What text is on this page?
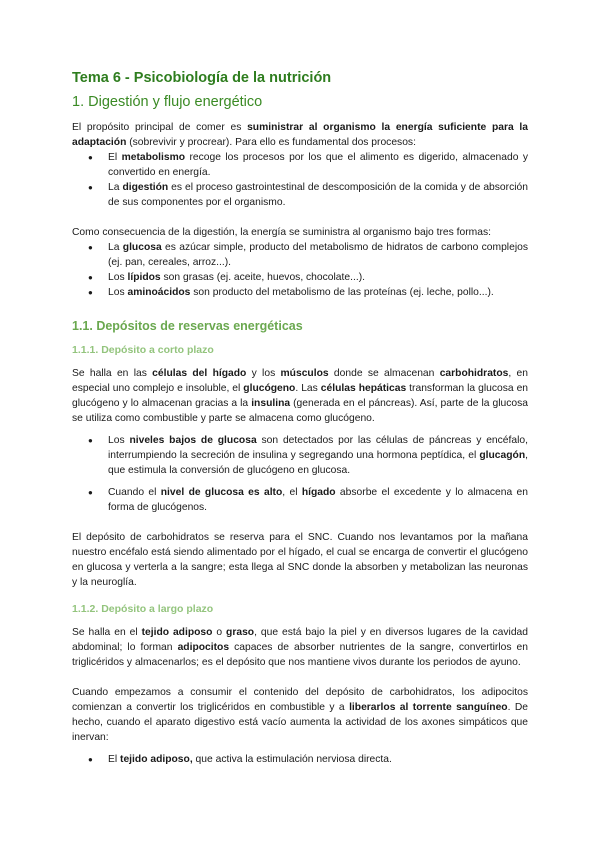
Tema 6 - Psicobiología de la nutrición
1. Digestión y flujo energético

El propósito principal de comer es suministrar al organismo la energía suficiente para la adaptación (sobrevivir y procrear). Para ello es fundamental dos procesos:

● El metabolismo recoge los procesos por los que el alimento es digerido, almacenado y convertido en energía.
● La digestión es el proceso gastrointestinal de descomposición de la comida y de absorción de sus componentes por el organismo.

Como consecuencia de la digestión, la energía se suministra al organismo bajo tres formas:

● La glucosa es azúcar simple, producto del metabolismo de hidratos de carbono complejos (ej. pan, cereales, arroz...).
● Los lípidos son grasas (ej. aceite, huevos, chocolate...).
● Los aminoácidos son producto del metabolismo de las proteínas (ej. leche, pollo...).
1.1. Depósitos de reservas energéticas
1.1.1. Depósito a corto plazo

Se halla en las células del hígado y los músculos donde se almacenan carbohidratos, en especial uno complejo e insoluble, el glucógeno. Las células hepáticas transforman la glucosa en glucógeno y lo almacenan gracias a la insulina (generada en el páncreas). Así, parte de la glucosa se utiliza como combustible y parte se almacena como glucógeno.

● Los niveles bajos de glucosa son detectados por las células de páncreas y encéfalo, interrumpiendo la secreción de insulina y segregando una hormona peptídica, el glucagón, que estimula la conversión de glucógeno en glucosa.
● Cuando el nivel de glucosa es alto, el hígado absorbe el excedente y lo almacena en forma de glucógenos.

El depósito de carbohidratos se reserva para el SNC. Cuando nos levantamos por la mañana nuestro encéfalo está siendo alimentado por el hígado, el cual se encarga de convertir el glucógeno en glucosa y verterla a la sangre; esta llega al SNC donde la absorben y metabolizan las neuronas y la neuroglía.

1.1.2. Depósito a largo plazo

Se halla en el tejido adiposo o graso, que está bajo la piel y en diversos lugares de la cavidad abdominal; lo forman adipocitos capaces de absorber nutrientes de la sangre, convertirlos en triglicéridos y almacenarlos; es el depósito que nos mantiene vivos durante los periodos de ayuno.

Cuando empezamos a consumir el contenido del depósito de carbohidratos, los adipocitos comienzan a convertir los triglicéridos en combustible y a liberarlos al torrente sanguíneo. De hecho, cuando el aparato digestivo está vacío aumenta la actividad de los axones simpáticos que inervan:

● El tejido adiposo, que activa la estimulación nerviosa directa.
